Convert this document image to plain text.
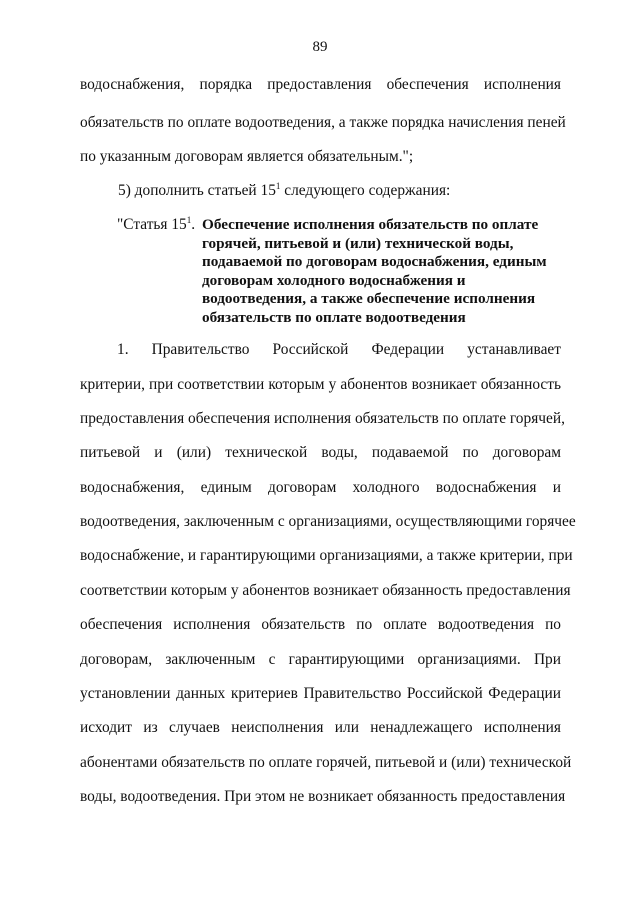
89
водоснабжения, порядка предоставления обеспечения исполнения
обязательств по оплате водоотведения, а также порядка начисления пеней
по указанным договорам является обязательным.";
5) дополнить статьей $15^1$ следующего содержания:
"Статья $15^1$. Обеспечение исполнения обязательств по оплате
горячей, питьевой и (или) технической воды,
подаваемой по договорам водоснабжения, единым
договорам холодного водоснабжения и
водоотведения, а также обеспечение исполнения
обязательств по оплате водоотведения
1. Правительство Российской Федерации устанавливает
критерии, при соответствии которым у абонентов возникает обязанность
предоставления обеспечения исполнения обязательств по оплате горячей,
питьевой и (или) технической воды, подаваемой по договорам
водоснабжения, единым договорам холодного водоснабжения и
водоотведения, заключенным с организациями, осуществляющими горячее
водоснабжение, и гарантирующими организациями, а также критерии, при
соответствии которым у абонентов возникает обязанность предоставления
обеспечения исполнения обязательств по оплате водоотведения по
договорам, заключенным с гарантирующими организациями. При
установлении данных критериев Правительство Российской Федерации
исходит из случаев неисполнения или ненадлежащего исполнения
абонентами обязательств по оплате горячей, питьевой и (или) технической
воды, водоотведения. При этом не возникает обязанность предоставления
